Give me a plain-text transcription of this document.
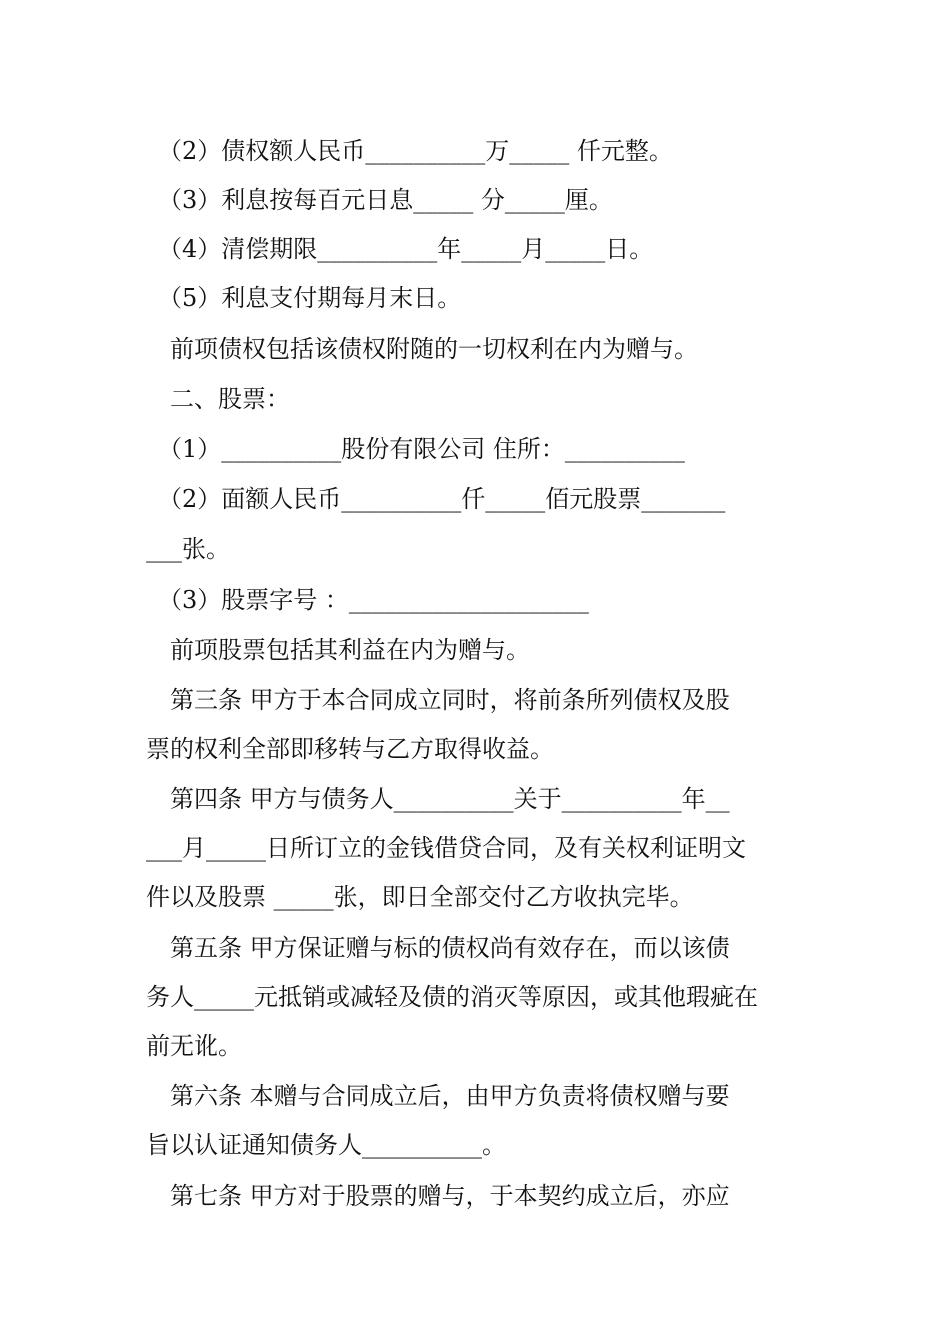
　（2）债权额人民币__________万_____ 仟元整。
　（3）利息按每百元日息_____ 分_____厘。
　（4）清偿期限__________年_____月_____日。
　（5）利息支付期每月末日。
　前项债权包括该债权附随的一切权利在内为赠与。
　二、股票：
　（1）__________股份有限公司 住所：__________
　（2）面额人民币__________仟_____佰元股票_______
___张。
　（3）股票字号 ：____________________
　前项股票包括其利益在内为赠与。
　第三条 甲方于本合同成立同时，将前条所列债权及股
票的权利全部即移转与乙方取得收益。
　第四条 甲方与债务人__________关于__________年__
___月_____日所订立的金钱借贷合同，及有关权利证明文
件以及股票 _____张，即日全部交付乙方收执完毕。
　第五条 甲方保证赠与标的债权尚有效存在，而以该债
务人_____元抵销或减轻及债的消灭等原因，或其他瑕疵在
前无讹。
　第六条 本赠与合同成立后，由甲方负责将债权赠与要
旨以认证通知债务人__________。
　第七条 甲方对于股票的赠与，于本契约成立后，亦应
